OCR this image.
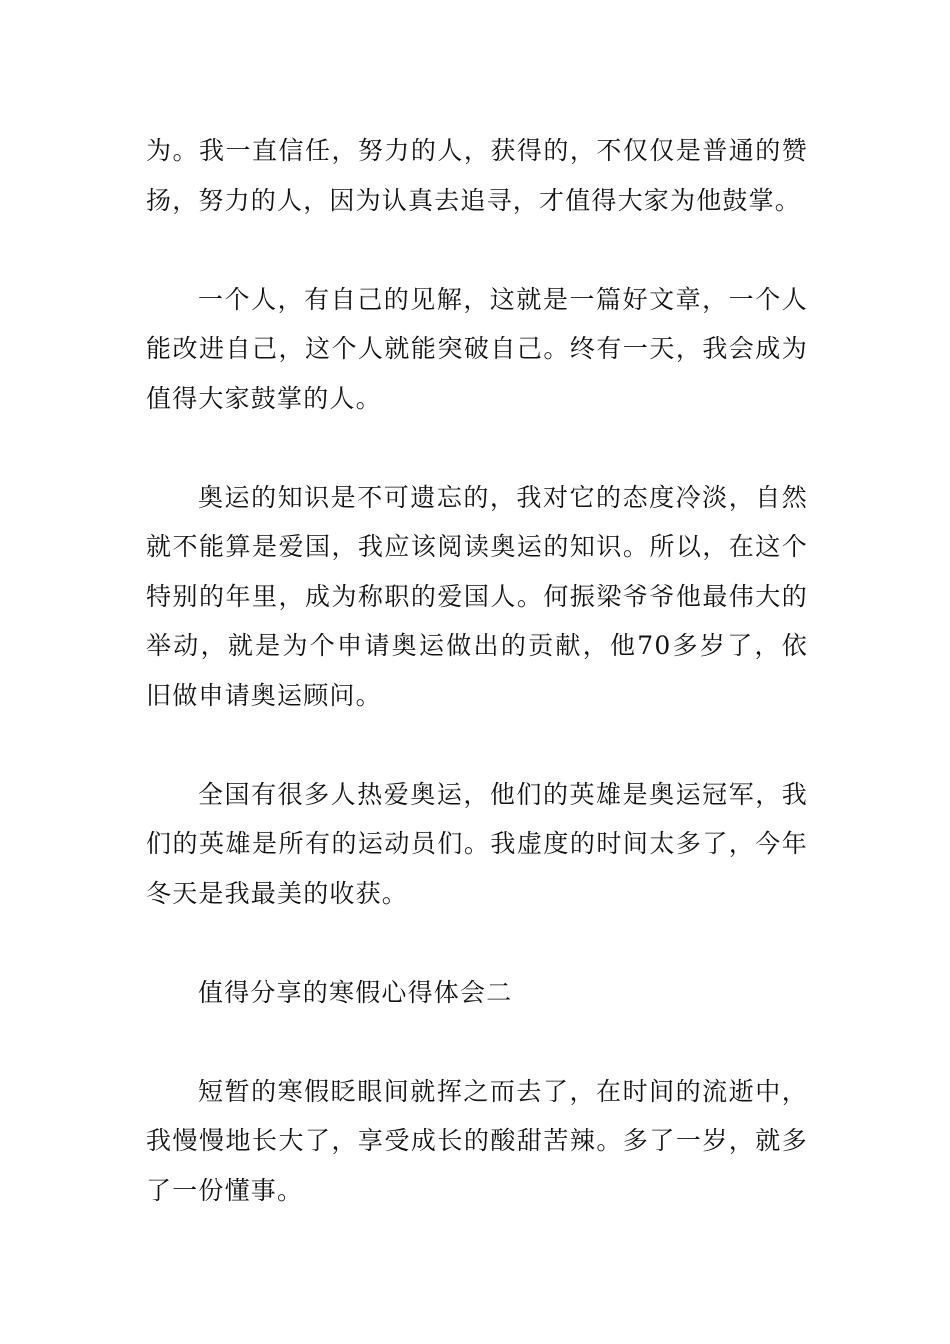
为。我一直信任，努力的人，获得的，不仅仅是普通的赞扬，努力的人，因为认真去追寻，才值得大家为他鼓掌。

一个人，有自己的见解，这就是一篇好文章，一个人能改进自己，这个人就能突破自己。终有一天，我会成为值得大家鼓掌的人。

奥运的知识是不可遗忘的，我对它的态度冷淡，自然就不能算是爱国，我应该阅读奥运的知识。所以，在这个特别的年里，成为称职的爱国人。何振梁爷爷他最伟大的举动，就是为个申请奥运做出的贡献，他70多岁了，依旧做申请奥运顾问。

全国有很多人热爱奥运，他们的英雄是奥运冠军，我们的英雄是所有的运动员们。我虚度的时间太多了，今年冬天是我最美的收获。

值得分享的寒假心得体会二

短暂的寒假眨眼间就挥之而去了，在时间的流逝中，我慢慢地长大了，享受成长的酸甜苦辣。多了一岁，就多了一份懂事。
